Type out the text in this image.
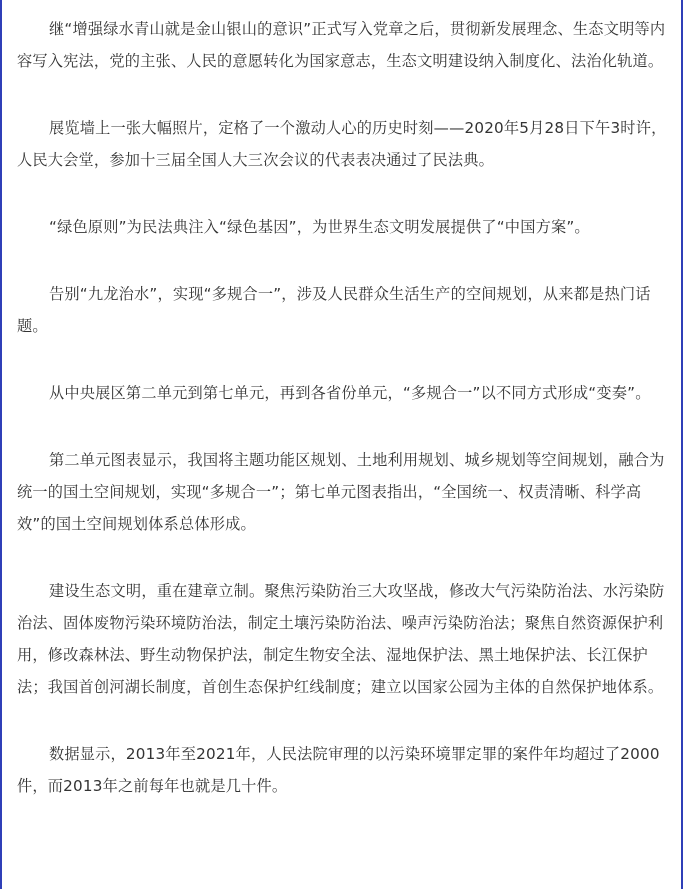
继“增强绿水青山就是金山银山的意识”正式写入党章之后，贯彻新发展理念、生态文明等内容写入宪法，党的主张、人民的意愿转化为国家意志，生态文明建设纳入制度化、法治化轨道。

展览墙上一张大幅照片，定格了一个激动人心的历史时刻——2020年5月28日下午3时许，人民大会堂，参加十三届全国人大三次会议的代表表决通过了民法典。

“绿色原则”为民法典注入“绿色基因”，为世界生态文明发展提供了“中国方案”。

告别“九龙治水”，实现“多规合一”，涉及人民群众生活生产的空间规划，从来都是热门话题。

从中央展区第二单元到第七单元，再到各省份单元，“多规合一”以不同方式形成“变奏”。

第二单元图表显示，我国将主题功能区规划、土地利用规划、城乡规划等空间规划，融合为统一的国土空间规划，实现“多规合一”；第七单元图表指出，“全国统一、权责清晰、科学高效”的国土空间规划体系总体形成。

建设生态文明，重在建章立制。聚焦污染防治三大攻坚战，修改大气污染防治法、水污染防治法、固体废物污染环境防治法，制定土壤污染防治法、噪声污染防治法；聚焦自然资源保护利用，修改森林法、野生动物保护法，制定生物安全法、湿地保护法、黑土地保护法、长江保护法；我国首创河湖长制度，首创生态保护红线制度；建立以国家公园为主体的自然保护地体系。

数据显示，2013年至2021年，人民法院审理的以污染环境罪定罪的案件年均超过了2000件，而2013年之前每年也就是几十件。
